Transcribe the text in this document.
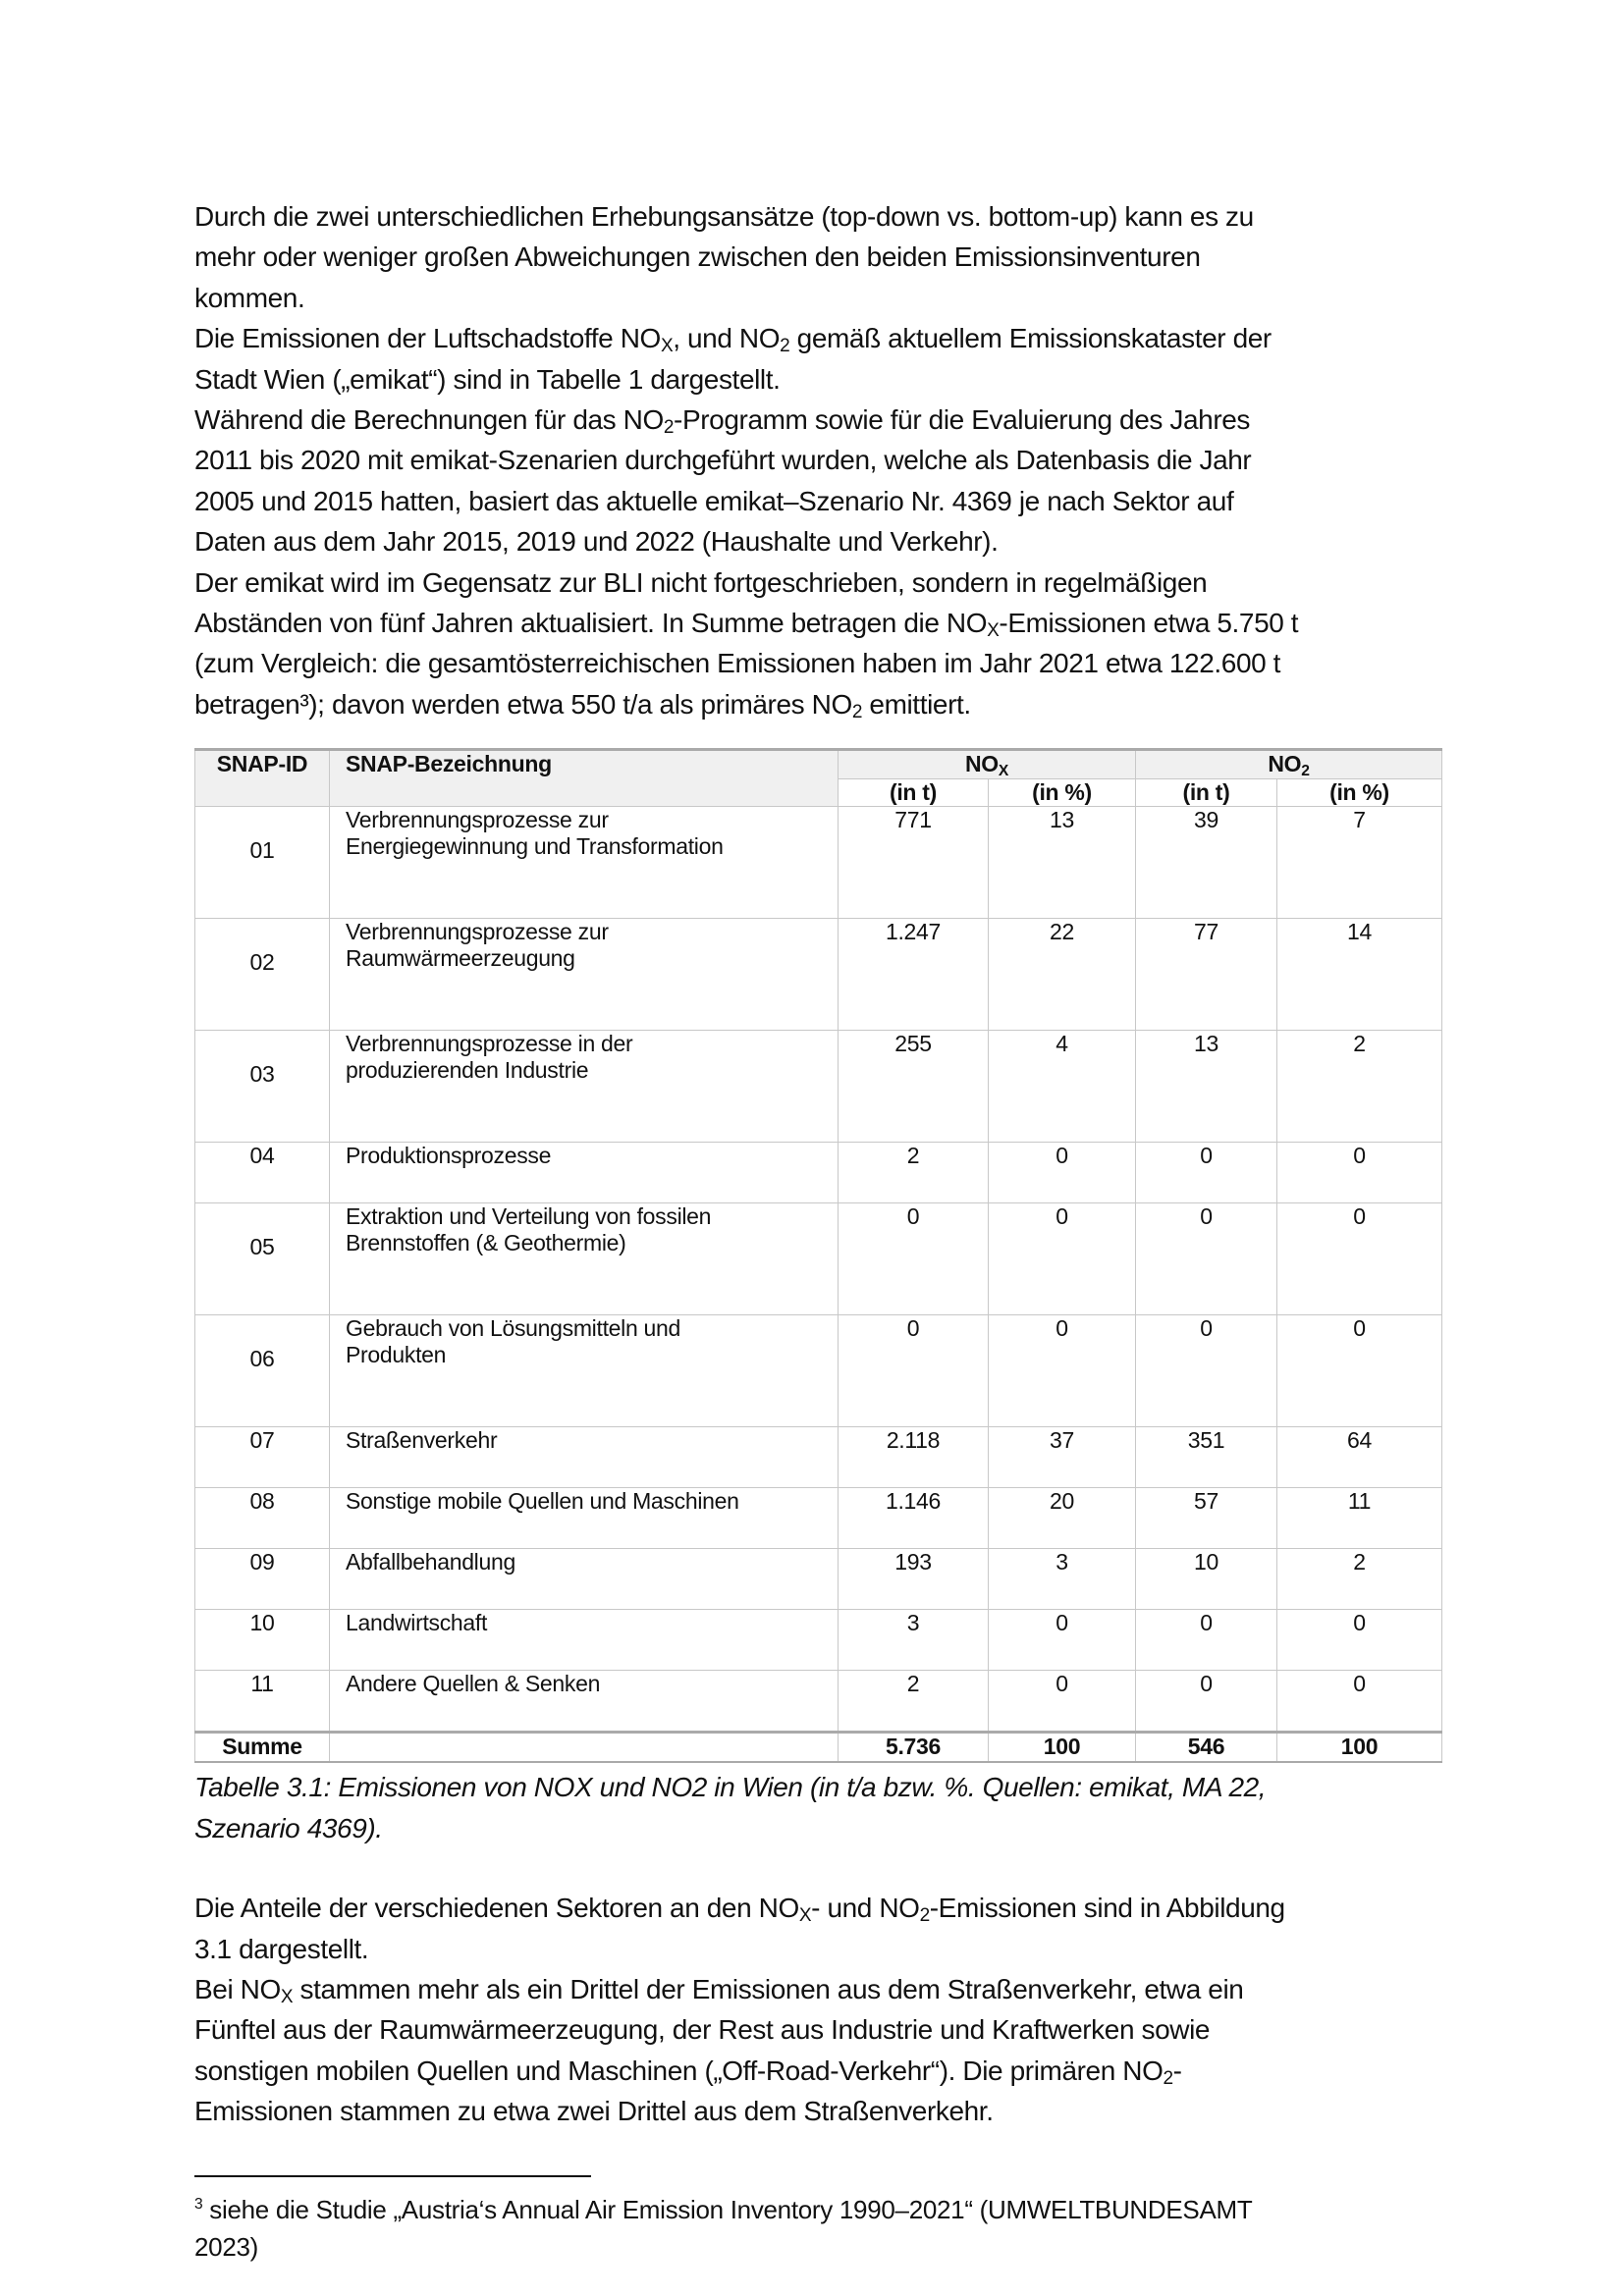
Durch die zwei unterschiedlichen Erhebungsansätze (top-down vs. bottom-up) kann es zu
mehr oder weniger großen Abweichungen zwischen den beiden Emissionsinventuren
kommen.
Die Emissionen der Luftschadstoffe NOX, und NO2 gemäß aktuellem Emissionskataster der
Stadt Wien („emikat“) sind in Tabelle 1 dargestellt.
Während die Berechnungen für das NO2-Programm sowie für die Evaluierung des Jahres
2011 bis 2020 mit emikat-Szenarien durchgeführt wurden, welche als Datenbasis die Jahr
2005 und 2015 hatten, basiert das aktuelle emikat–Szenario Nr. 4369 je nach Sektor auf
Daten aus dem Jahr 2015, 2019 und 2022 (Haushalte und Verkehr).
Der emikat wird im Gegensatz zur BLI nicht fortgeschrieben, sondern in regelmäßigen
Abständen von fünf Jahren aktualisiert. In Summe betragen die NOX-Emissionen etwa 5.750 t
(zum Vergleich: die gesamtösterreichischen Emissionen haben im Jahr 2021 etwa 122.600 t
betragen³); davon werden etwa 550 t/a als primäres NO2 emittiert.
SNAP-ID	SNAP-Bezeichnung	NOX		NO2	
		(in t)	(in %)	(in t)	(in %)
01	Verbrennungsprozesse zur
Energiegewinnung und Transformation	771	13	39	7
02	Verbrennungsprozesse zur
Raumwärmeerzeugung	1.247	22	77	14
03	Verbrennungsprozesse in der
produzierenden Industrie	255	4	13	2
04	Produktionsprozesse	2	0	0	0
05	Extraktion und Verteilung von fossilen
Brennstoffen (& Geothermie)	0	0	0	0
06	Gebrauch von Lösungsmitteln und
Produkten	0	0	0	0
07	Straßenverkehr	2.118	37	351	64
08	Sonstige mobile Quellen und Maschinen	1.146	20	57	11
09	Abfallbehandlung	193	3	10	2
10	Landwirtschaft	3	0	0	0
11	Andere Quellen & Senken	2	0	0	0
Summe		5.736	100	546	100
Tabelle 3.1: Emissionen von NOX und NO2 in Wien (in t/a bzw. %. Quellen: emikat, MA 22,
Szenario 4369).
Die Anteile der verschiedenen Sektoren an den NOX- und NO2-Emissionen sind in Abbildung
3.1 dargestellt.
Bei NOX stammen mehr als ein Drittel der Emissionen aus dem Straßenverkehr, etwa ein
Fünftel aus der Raumwärmeerzeugung, der Rest aus Industrie und Kraftwerken sowie
sonstigen mobilen Quellen und Maschinen („Off-Road-Verkehr“). Die primären NO2-
Emissionen stammen zu etwa zwei Drittel aus dem Straßenverkehr.
$^3$ siehe die Studie „Austria‘s Annual Air Emission Inventory 1990–2021“ (UMWELTBUNDESAMT
2023)
